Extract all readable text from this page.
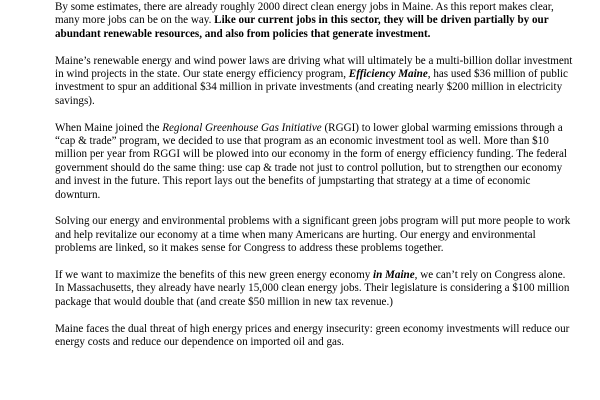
By some estimates, there are already roughly 2000 direct clean energy jobs in Maine. As this report makes clear, many more jobs can be on the way. Like our current jobs in this sector, they will be driven partially by our abundant renewable resources, and also from policies that generate investment.

Maine’s renewable energy and wind power laws are driving what will ultimately be a multi-billion dollar investment in wind projects in the state. Our state energy efficiency program, Efficiency Maine, has used $36 million of public investment to spur an additional $34 million in private investments (and creating nearly $200 million in electricity savings).

When Maine joined the Regional Greenhouse Gas Initiative (RGGI) to lower global warming emissions through a “cap & trade” program, we decided to use that program as an economic investment tool as well. More than $10 million per year from RGGI will be plowed into our economy in the form of energy efficiency funding. The federal government should do the same thing: use cap & trade not just to control pollution, but to strengthen our economy and invest in the future. This report lays out the benefits of jumpstarting that strategy at a time of economic downturn.

Solving our energy and environmental problems with a significant green jobs program will put more people to work and help revitalize our economy at a time when many Americans are hurting. Our energy and environmental problems are linked, so it makes sense for Congress to address these problems together.

If we want to maximize the benefits of this new green energy economy in Maine, we can’t rely on Congress alone. In Massachusetts, they already have nearly 15,000 clean energy jobs. Their legislature is considering a $100 million package that would double that (and create $50 million in new tax revenue.)

Maine faces the dual threat of high energy prices and energy insecurity: green economy investments will reduce our energy costs and reduce our dependence on imported oil and gas.
